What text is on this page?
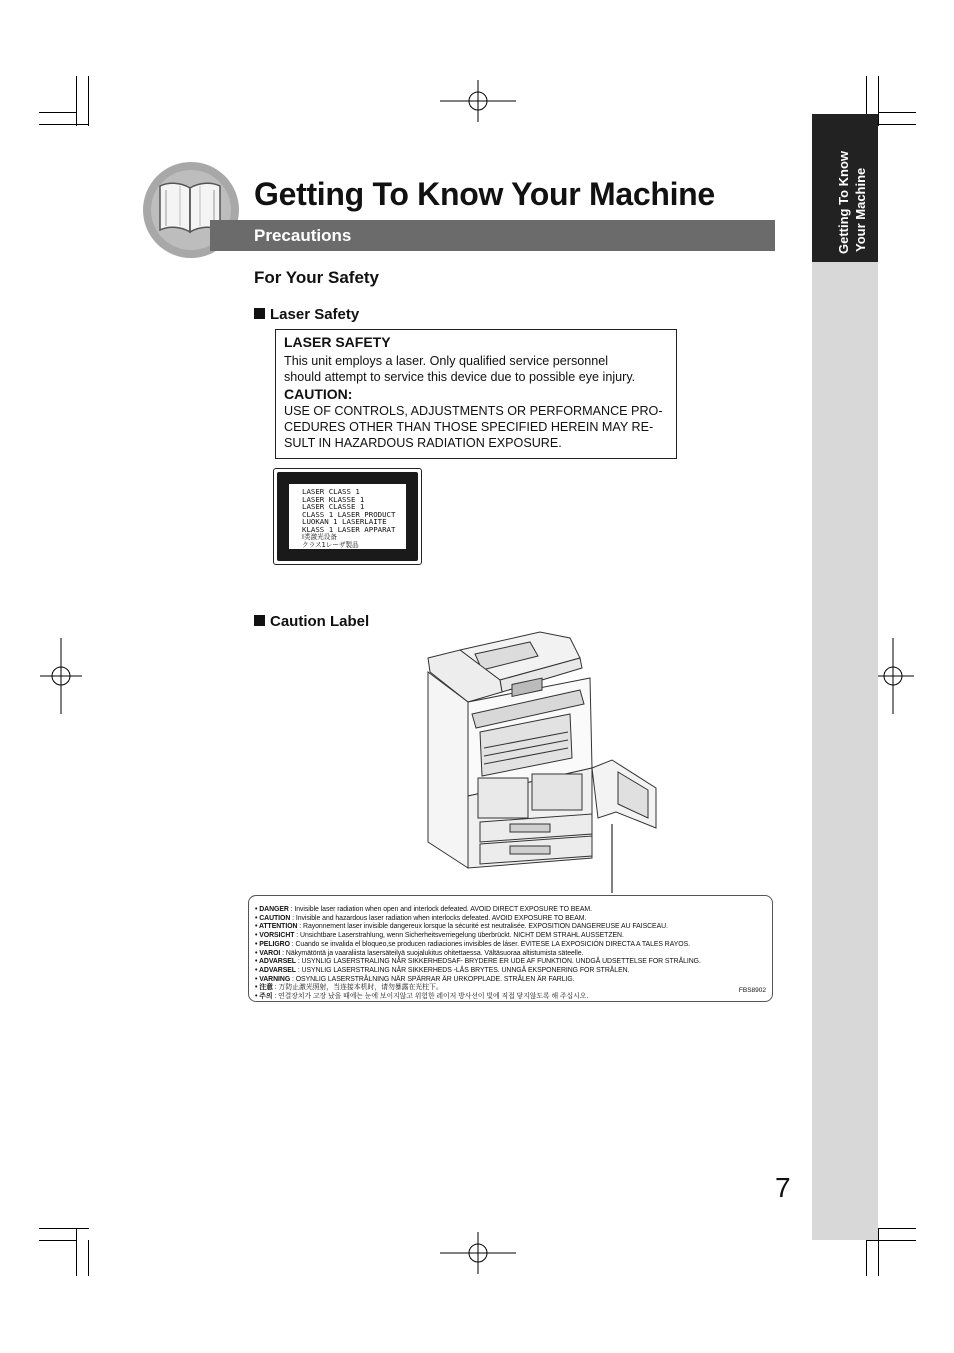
Getting To Know Your Machine
Getting To Know Your Machine
Precautions
For Your Safety
Laser Safety
LASER SAFETY
This unit employs a laser. Only qualified service personnel
should attempt to service this device due to possible eye injury.
CAUTION:
USE OF CONTROLS, ADJUSTMENTS OR PERFORMANCE PRO-
CEDURES OTHER THAN THOSE SPECIFIED HEREIN MAY RE-
SULT IN HAZARDOUS RADIATION EXPOSURE.
LASER CLASS 1
LASER KLASSE 1
LASER CLASSE 1
CLASS 1 LASER PRODUCT
LUOKAN 1 LASERLAITE
KLASS 1 LASER APPARAT
Ⅰ类激光设备
クラス1レーザ製品
Caution Label
• DANGER : Invisible laser radiation when open and interlock defeated. AVOID DIRECT EXPOSURE TO BEAM.
• CAUTION : Invisible and hazardous laser radiation when interlocks defeated. AVOID EXPOSURE TO BEAM.
• ATTENTION : Rayonnement laser invisible dangereux lorsque la sécurité est neutralisée. EXPOSITION DANGEREUSE AU FAISCEAU.
• VORSICHT : Unsichtbare Laserstrahlung, wenn Sicherheitsverriegelung überbrückt. NICHT DEM STRAHL AUSSETZEN.
• PELIGRO : Cuando se invalida el bloqueo,se producen radiaciones invisibles de láser. EVITESE LA EXPOSICIÓN DIRECTA A TALES RAYOS.
• VAROI : Näkymätöntä ja vaaraliista lasersäteilyä suojalukitus ohitettaessa. Vältäsuoraa altistumista säteelle.
• ADVARSEL : USYNLIG LASERSTRALING NÅR SIKKERHEDSAF- BRYDERE ER UDE AF FUNKTION. UNDGÅ UDSETTELSE FOR STRÅLING.
• ADVARSEL : USYNLIG LASERSTRALING NÅR SIKKERHEDS -LÅS BRYTES. UNNGÅ EKSPONERING FOR STRÅLEN.
• VARNING : OSYNLIG LASERSTRÅLNING NÄR SPÄRRAR ÄR URKOPPLADE. STRÅLEN ÄR FARLIG.
• 注意 : 万防止激光照射，当连接本机时，请勿暴露在光柱下。
• 주의 : 연결장치가 고장 났을 때에는 눈에 보이지않고 위험한 레이저 방사선이 빛에 직접 닿지않도록 해 주십시오.
FBS8902
7
